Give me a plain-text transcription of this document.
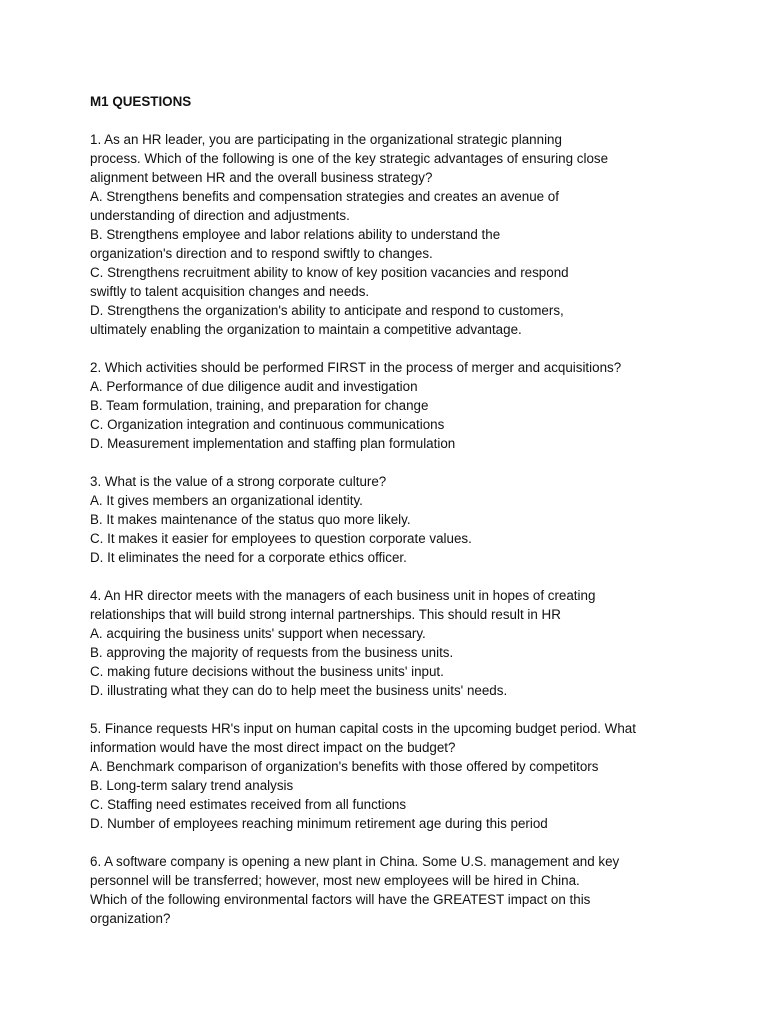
M1 QUESTIONS
1. As an HR leader, you are participating in the organizational strategic planning
process. Which of the following is one of the key strategic advantages of ensuring close
alignment between HR and the overall business strategy?
A. Strengthens benefits and compensation strategies and creates an avenue of
understanding of direction and adjustments.
B. Strengthens employee and labor relations ability to understand the
organization's direction and to respond swiftly to changes.
C. Strengthens recruitment ability to know of key position vacancies and respond
swiftly to talent acquisition changes and needs.
D. Strengthens the organization's ability to anticipate and respond to customers,
ultimately enabling the organization to maintain a competitive advantage.
2. Which activities should be performed FIRST in the process of merger and acquisitions?
A. Performance of due diligence audit and investigation
B. Team formulation, training, and preparation for change
C. Organization integration and continuous communications
D. Measurement implementation and staffing plan formulation
3. What is the value of a strong corporate culture?
A. It gives members an organizational identity.
B. It makes maintenance of the status quo more likely.
C. It makes it easier for employees to question corporate values.
D. It eliminates the need for a corporate ethics officer.
4. An HR director meets with the managers of each business unit in hopes of creating
relationships that will build strong internal partnerships. This should result in HR
A. acquiring the business units' support when necessary.
B. approving the majority of requests from the business units.
C. making future decisions without the business units' input.
D. illustrating what they can do to help meet the business units' needs.
5. Finance requests HR's input on human capital costs in the upcoming budget period. What
information would have the most direct impact on the budget?
A. Benchmark comparison of organization's benefits with those offered by competitors
B. Long-term salary trend analysis
C. Staffing need estimates received from all functions
D. Number of employees reaching minimum retirement age during this period
6. A software company is opening a new plant in China. Some U.S. management and key
personnel will be transferred; however, most new employees will be hired in China.
Which of the following environmental factors will have the GREATEST impact on this
organization?
